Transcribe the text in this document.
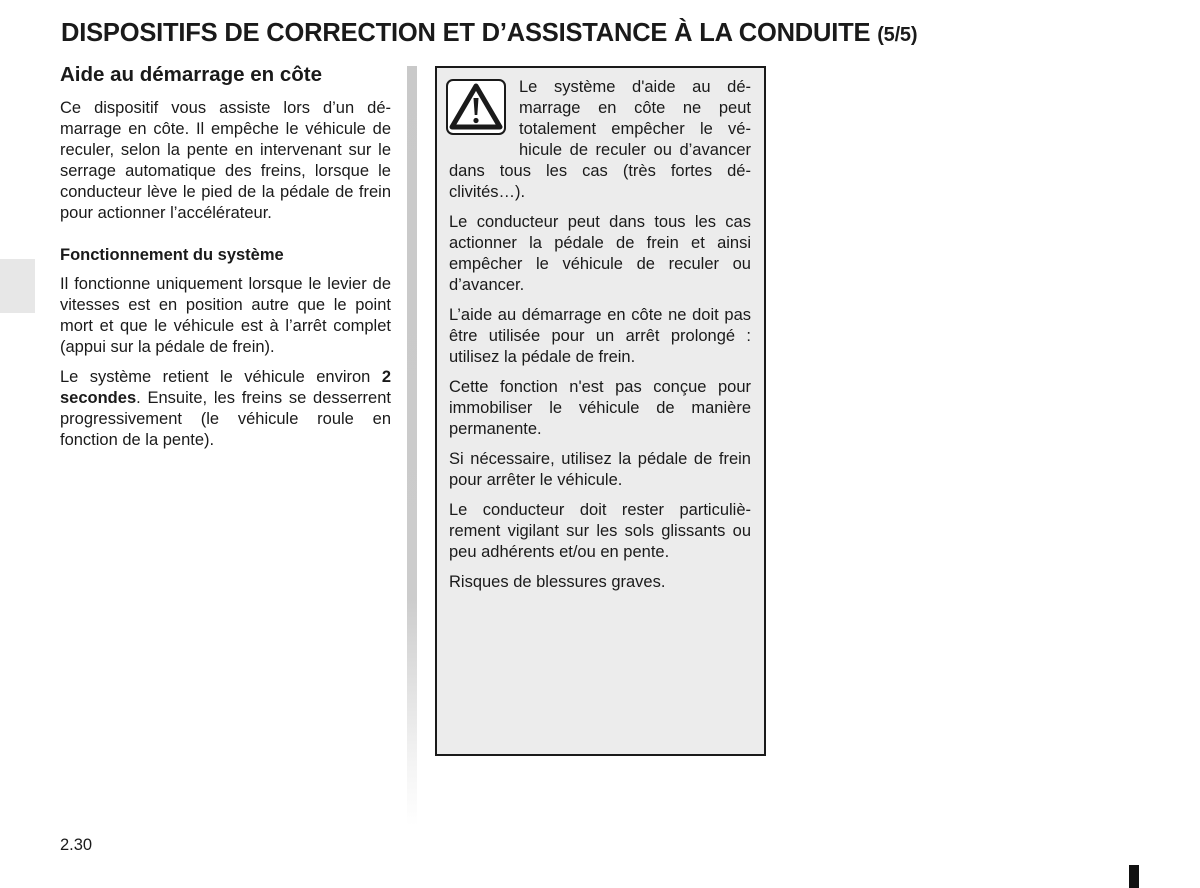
DISPOSITIFS DE CORRECTION ET D’ASSISTANCE À LA CONDUITE (5/5)
Aide au démarrage en côte

Ce dispositif vous assiste lors d’un démarrage en côte. Il empêche le véhicule de reculer, selon la pente en intervenant sur le serrage automatique des freins, lorsque le conducteur lève le pied de la pédale de frein pour actionner l’accélérateur.

Fonctionnement du système

Il fonctionne uniquement lorsque le levier de vitesses est en position autre que le point mort et que le véhicule est à l’arrêt complet (appui sur la pédale de frein).

Le système retient le véhicule environ 2 secondes. Ensuite, les freins se desserrent progressivement (le véhicule roule en fonction de la pente).

Le système d'aide au démarrage en côte ne peut totalement empêcher le véhicule de reculer ou d’avancer dans tous les cas (très fortes déclivités…).

Le conducteur peut dans tous les cas actionner la pédale de frein et ainsi empêcher le véhicule de reculer ou d’avancer.

L’aide au démarrage en côte ne doit pas être utilisée pour un arrêt prolongé : utilisez la pédale de frein.

Cette fonction n'est pas conçue pour immobiliser le véhicule de manière permanente.

Si nécessaire, utilisez la pédale de frein pour arrêter le véhicule.

Le conducteur doit rester particulièrement vigilant sur les sols glissants ou peu adhérents et/ou en pente.

Risques de blessures graves.

2.30
